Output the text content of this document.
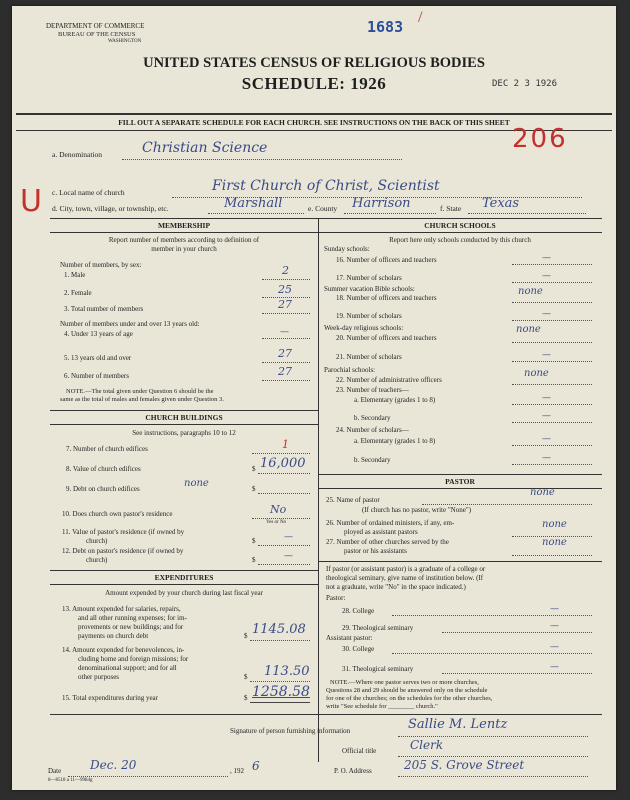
DEPARTMENT OF COMMERCE
BUREAU OF THE CENSUS
WASHINGTON
1683
/
UNITED STATES CENSUS OF RELIGIOUS BODIES
SCHEDULE: 1926	DEC 2 3 1926
FILL OUT A SEPARATE SCHEDULE FOR EACH CHURCH. SEE INSTRUCTIONS ON THE BACK OF THIS SHEET
206
U
a. Denomination	Christian Science
c. Local name of church	First Church of Christ, Scientist
d. City, town, village, or township, etc.	Marshall	e. County Harrison	f. State Texas
MEMBERSHIP
Report number of members according to definition of
member in your church
Number of members, by sex:
1. Male	2
2. Female	25
3. Total number of members	27
Number of members under and over 13 years old:
4. Under 13 years of age	—
5. 13 years old and over	27
6. Number of members	27
NOTE.—The total given under Question 6 should be the
same as the total of males and females given under Question 3.
CHURCH BUILDINGS
See instructions, paragraphs 10 to 12
7. Number of church edifices	1
8. Value of church edifices	$ 16,000
9. Debt on church edifices	$
none
10. Does church own pastor's residence	No
Yes or No
11. Value of pastor's residence (if owned by
church)	$	—
12. Debt on pastor's residence (if owned by
church)	$	—
EXPENDITURES
Amount expended by your church during last fiscal year
13. Amount expended for salaries, repairs,
and all other running expenses; for im-
provements or new buildings; and for
payments on church debt	$ 1145.08
14. Amount expended for benevolences, in-
cluding home and foreign missions; for
denominational support; and for all
other purposes	$ 113.50
15. Total expenditures during year	$ 1258.58
CHURCH SCHOOLS
Report here only schools conducted by this church
Sunday schools:
16. Number of officers and teachers	—
17. Number of scholars	—
Summer vacation Bible schools:
18. Number of officers and teachers
none
19. Number of scholars	—
Week-day religious schools:
20. Number of officers and teachers
none
21. Number of scholars	—
Parochial schools:
22. Number of administrative officers
none
23. Number of teachers—
a. Elementary (grades 1 to 8)	—
b. Secondary	—
24. Number of scholars—
a. Elementary (grades 1 to 8)	—
b. Secondary	—
PASTOR
25. Name of pastor
none
(If church has no pastor, write "None")
26. Number of ordained ministers, if any, em-
ployed as assistant pastors
none
27. Number of other churches served by the
pastor or his assistants
none
If pastor (or assistant pastor) is a graduate of a college or
theological seminary, give name of institution below. (If
not a graduate, write "No" in the space indicated.)
Pastor:
28. College	—
29. Theological seminary	—
Assistant pastor:
30. College	—
31. Theological seminary	—
NOTE.—Where one pastor serves two or more churches,
Questions 28 and 29 should be answered only on the schedule
for one of the churches; on the schedules for the other churches,
write "See schedule for ________ church."
Signature of person furnishing information	Sallie M. Lentz
Official title	Clerk
Date Dec. 20	, 192 6	P. O. Address	205 S. Grove Street
8—8518 a 11—9984g
